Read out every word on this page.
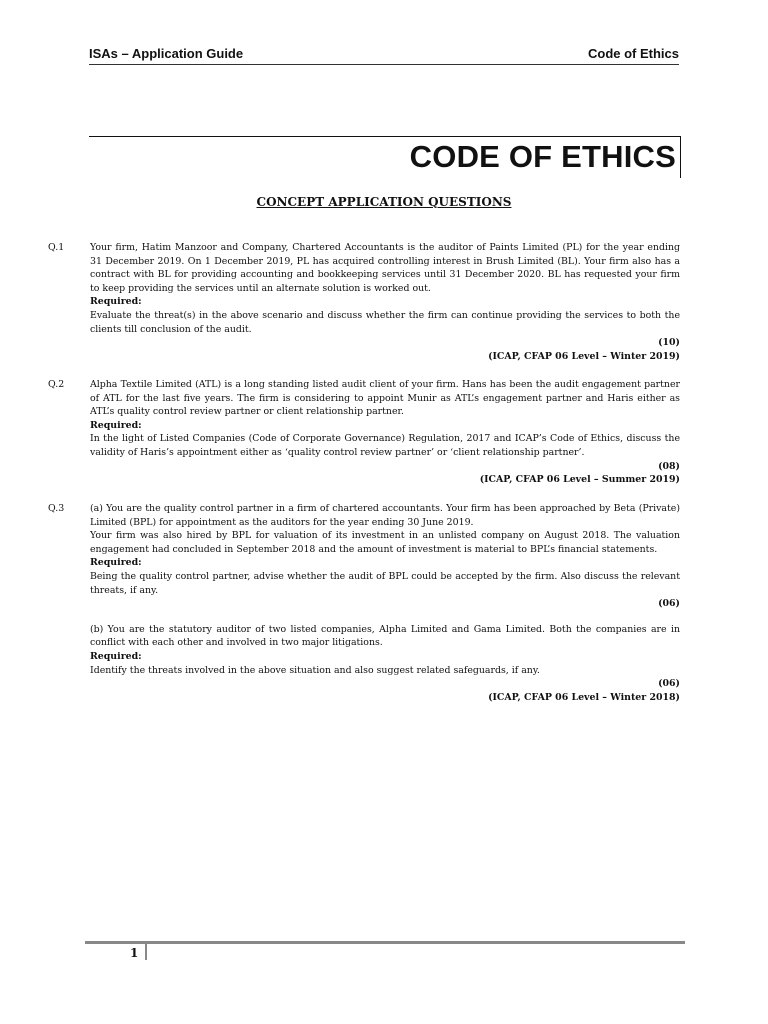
ISAs – Application Guide	Code of Ethics
CODE OF ETHICS
CONCEPT APPLICATION QUESTIONS
Q.1	Your firm, Hatim Manzoor and Company, Chartered Accountants is the auditor of Paints Limited (PL) for the year ending 31 December 2019. On 1 December 2019, PL has acquired controlling interest in Brush Limited (BL). Your firm also has a contract with BL for providing accounting and bookkeeping services until 31 December 2020. BL has requested your firm to keep providing the services until an alternate solution is worked out.

Required:

Evaluate the threat(s) in the above scenario and discuss whether the firm can continue providing the services to both the clients till conclusion of the audit.

(10)

(ICAP, CFAP 06 Level – Winter 2019)

Q.2	Alpha Textile Limited (ATL) is a long standing listed audit client of your firm. Hans has been the audit engagement partner of ATL for the last five years. The firm is considering to appoint Munir as ATL’s engagement partner and Haris either as ATL’s quality control review partner or client relationship partner.

Required:

In the light of Listed Companies (Code of Corporate Governance) Regulation, 2017 and ICAP’s Code of Ethics, discuss the validity of Haris’s appointment either as ‘quality control review partner’ or ‘client relationship partner’.

(08)

(ICAP, CFAP 06 Level – Summer 2019)

Q.3	(a) You are the quality control partner in a firm of chartered accountants. Your firm has been approached by Beta (Private) Limited (BPL) for appointment as the auditors for the year ending 30 June 2019.

Your firm was also hired by BPL for valuation of its investment in an unlisted company on August 2018. The valuation engagement had concluded in September 2018 and the amount of investment is material to BPL’s financial statements.

Required:

Being the quality control partner, advise whether the audit of BPL could be accepted by the firm. Also discuss the relevant threats, if any.

(06)

(b) You are the statutory auditor of two listed companies, Alpha Limited and Gama Limited. Both the companies are in conflict with each other and involved in two major litigations.

Required:

Identify the threats involved in the above situation and also suggest related safeguards, if any.

(06)

(ICAP, CFAP 06 Level – Winter 2018)

1
